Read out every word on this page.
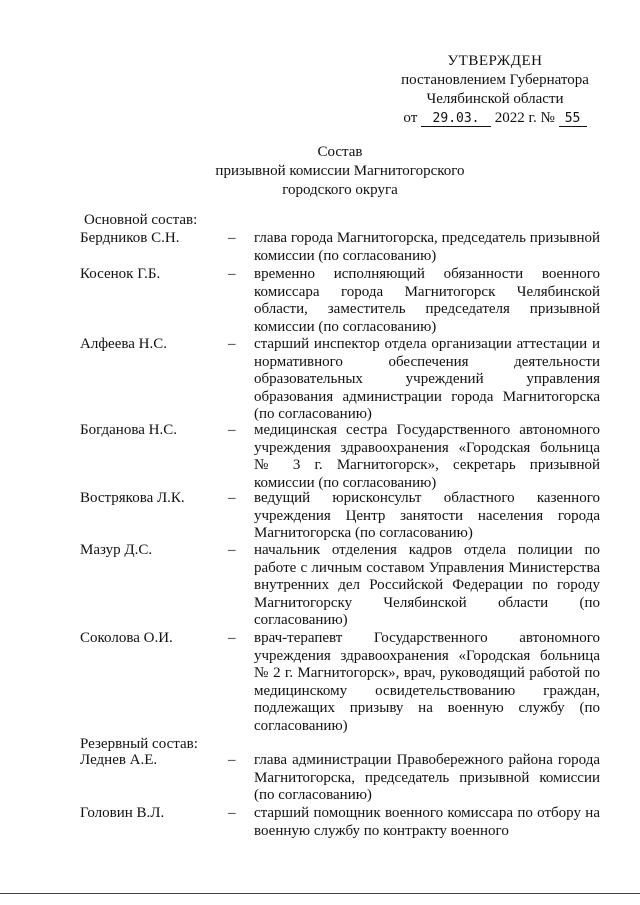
УТВЕРЖДЕН
постановлением Губернатора
Челябинской области
от 29.03. 2022 г. № 55
Состав
призывной комиссии Магнитогорского
городского округа
Основной состав:
Бердников С.Н.	– глава города Магнитогорска, председатель призывной комиссии (по согласованию)
Косенок Г.Б.	– временно исполняющий обязанности военного комиссара города Магнитогорск Челябинской области, заместитель председателя призывной комиссии (по согласованию)
Алфеева Н.С.	– старший инспектор отдела организации аттестации и нормативного обеспечения деятельности образовательных учреждений управления образования администрации города Магнитогорска (по согласованию)
Богданова Н.С.	– медицинская сестра Государственного автономного учреждения здравоохранения «Городская больница № 3 г. Магнитогорск», секретарь призывной комиссии (по согласованию)
Вострякова Л.К.	– ведущий юрисконсульт областного казенного учреждения Центр занятости населения города Магнитогорска (по согласованию)
Мазур Д.С.	– начальник отделения кадров отдела полиции по работе с личным составом Управления Министерства внутренних дел Российской Федерации по городу Магнитогорску Челябинской области (по согласованию)
Соколова О.И.	– врач-терапевт Государственного автономного учреждения здравоохранения «Городская больница № 2 г. Магнитогорск», врач, руководящий работой по медицинскому освидетельствованию граждан, подлежащих призыву на военную службу (по согласованию)
Резервный состав:
Леднев А.Е.	– глава администрации Правобережного района города Магнитогорска, председатель призывной комиссии (по согласованию)
Головин В.Л.	– старший помощник военного комиссара по отбору на военную службу по контракту военного
